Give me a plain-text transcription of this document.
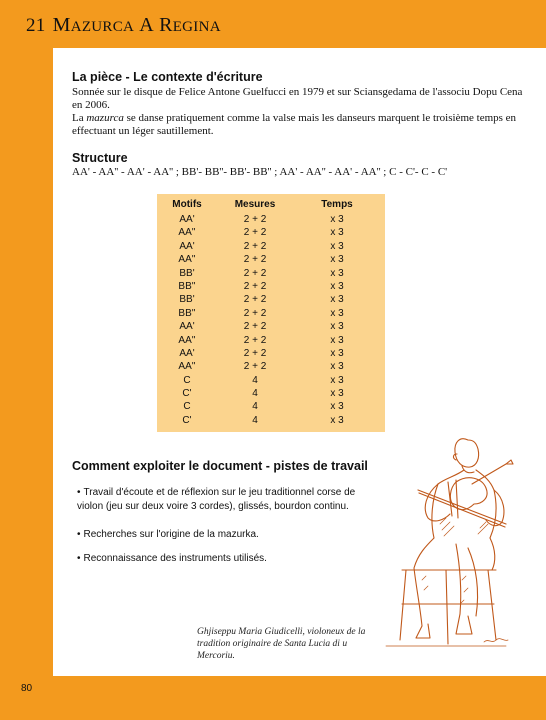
21 MAZURCA A REGINA
La pièce - Le contexte d'écriture

Sonnée sur le disque de Felice Antone Guelfucci en 1979 et sur Sciansgedama de l'associu Dopu Cena en 2006.

La mazurca se danse pratiquement comme la valse mais les danseurs marquent le troisième temps en effectuant un léger sautillement.

Structure
AA' - AA'' - AA' - AA'' ; BB'- BB''- BB'- BB'' ; AA' - AA'' - AA' - AA'' ; C - C'- C - C'
Motifs	Mesures	Temps
AA'	2 + 2	x 3
AA''	2 + 2	x 3
AA'	2 + 2	x 3
AA''	2 + 2	x 3
BB'	2 + 2	x 3
BB''	2 + 2	x 3
BB'	2 + 2	x 3
BB''	2 + 2	x 3
AA'	2 + 2	x 3
AA''	2 + 2	x 3
AA'	2 + 2	x 3
AA''	2 + 2	x 3
C	4	x 3
C'	4	x 3
C	4	x 3
C'	4	x 3
Comment exploiter le document - pistes de travail
• Travail d'écoute et de réflexion sur le jeu traditionnel corse de violon (jeu sur deux voire 3 cordes), glissés, bourdon continu.
• Recherches sur l'origine de la mazurka.
• Reconnaissance des instruments utilisés.
Ghjiseppu Maria Giudicelli, violoneux de la tradition originaire de Santa Lucia di u Mercoriu.
80
